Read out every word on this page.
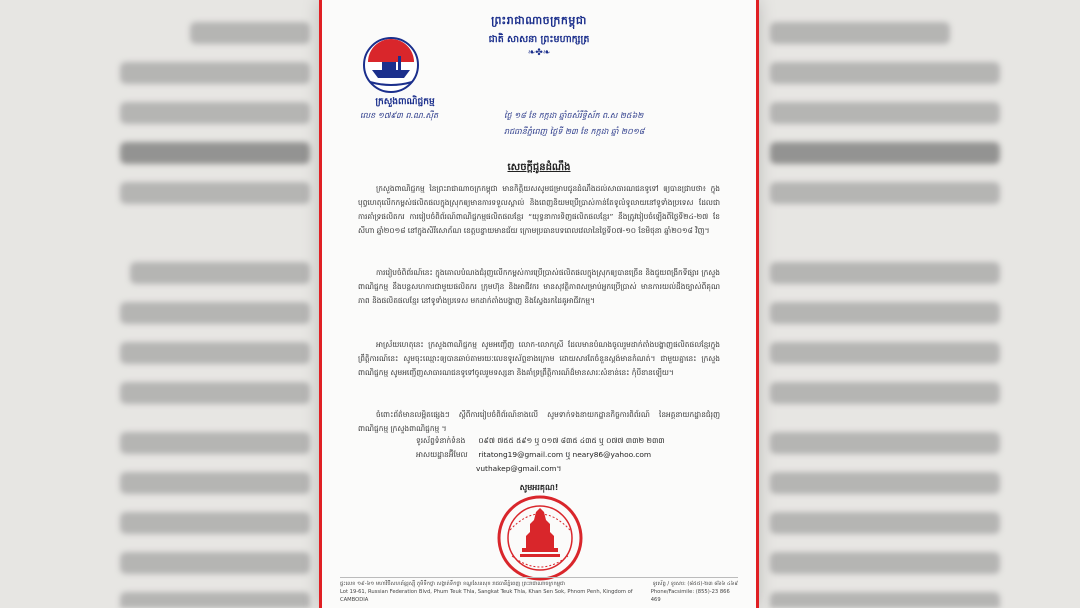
ព្រះរាជាណាចក្រកម្ពុជា
ជាតិ សាសនា ព្រះមហាក្សត្រ
❧✤❧
ក្រសួងពាណិជ្ជកម្ម
លេខ ១៧៩៣ ព.ណ.ស៊ីត	ថ្ងៃ ១៨ ខែ កក្កដា ឆ្នាំចសំរឹទ្ធិស័ក ព.ស ២៥៦២
រាជធានីភ្នំពេញ ថ្ងៃទី ២៣ ខែ កក្កដា ឆ្នាំ ២០១៨
សេចក្តីជូនដំណឹង
ក្រសួងពាណិជ្ជកម្ម នៃព្រះរាជាណាចក្រកម្ពុជា មានកិត្តិយសសូមជម្រាបជូនដំណឹងដល់សាធារណជនទូទៅ ឲ្យបានជ្រាបថា៖ ក្នុងបុព្វហេតុលើកកម្ពស់ផលិតផលក្នុងស្រុកឲ្យមានការទទួលស្គាល់ និងពេញនិយមប្រើប្រាស់កាន់តែទូលំទូលាយនៅទូទាំងប្រទេស ដែលជាការគាំទ្រផលិតករ ការរៀបចំពិព័រណ៍ពាណិជ្ជកម្មផលិតផលខ្មែរ “យុទ្ធនាការទិញផលិតផលខ្មែរ” នឹងត្រូវរៀបចំឡើងពីថ្ងៃទី២៤-២៧ ខែសីហា ឆ្នាំ២០១៨ នៅក្នុងសិរីសោភ័ណ ខេត្តបន្ទាយមានជ័យ ក្រោមប្រធានបទពេលវេលានៃថ្ងៃទី០៧-១០ ខែមិថុនា ឆ្នាំ២០១៨ វិញ។
ការរៀបចំពិព័រណ៍នេះ ក្នុងគោលបំណងជំរុញលើកកម្ពស់ការប្រើប្រាស់ផលិតផលក្នុងស្រុកឲ្យបានច្រើន និងជួយពង្រីកទីផ្សារ ក្រសួងពាណិជ្ជកម្ម នឹងបន្តសហការជាមួយផលិតករ ក្រុមហ៊ុន និងអាជីវករ មានសុវត្ថិភាពសម្រាប់អ្នកប្រើប្រាស់ មានការយល់ដឹងច្បាស់ពីគុណភាព និងផលិតផលខ្មែរ នៅទូទាំងប្រទេស មកដាក់តាំងបង្ហាញ និងស្វែងរកដៃគូអាជីវកម្ម។
អាស្រ័យហេតុនេះ ក្រសួងពាណិជ្ជកម្ម សូមអញ្ជើញ លោក-លោកស្រី ដែលមានបំណងចូលរួមដាក់តាំងបង្ហាញផលិតផលខ្មែរក្នុងព្រឹត្តិការណ៍នេះ សូមចុះឈ្មោះឲ្យបានឆាប់តាមរយៈលេខទូរស័ព្ទខាងក្រោម ដោយសារតែចំនួនស្តង់មានកំណត់។ ជាមួយគ្នានេះ ក្រសួងពាណិជ្ជកម្ម សូមអញ្ជើញសាធារណជនទូទៅចូលរួមទស្សនា និងគាំទ្រព្រឹត្តិការណ៍ដ៏មានសារៈសំខាន់នេះ កុំបីខានឡើយ។
ចំពោះព័ត៌មានលម្អិតផ្សេងៗ ស្តីពីការរៀបចំពិព័រណ៍ខាងលើ សូមទាក់ទងនាយកដ្ឋានកិច្ចការពិព័រណ៍ នៃអគ្គនាយកដ្ឋានជំរុញពាណិជ្ជកម្ម ក្រសួងពាណិជ្ជកម្ម ។
ទូរស័ព្ទទំនាក់ទំនង ០៩៧ ៧៥៥ ៥៩១ ឬ ០១៧ ៨៣៥ ៤៣៥ ឬ ០៧៧ ៣៣២ ២៣៣
អាសយដ្ឋានអ៊ីមែល ritatong19@gmail.com ឬ neary86@yahoo.com
vuthakep@gmail.com។
សូមអរគុណ!
ផ្ទះលេខ ១៩-៦១ មហាវិថីសហព័ន្ធរុស្ស៊ី ភូមិទឹកថ្លា សង្កាត់ទឹកថ្លា ខណ្ឌសែនសុខ រាជធានីភ្នំពេញ ព្រះរាជាណាចក្រកម្ពុជា	ទូរស័ព្ទ / ទូរសារ: (៨៥៥)-២៣ ៨៦៦ ៤៦៩
Lot 19-61, Russian Federation Blvd, Phum Teuk Thla, Sangkat Teuk Thla, Khan Sen Sok, Phnom Penh, Kingdom of CAMBODIA
Phone/Facsimile: (855)-23 866 469
